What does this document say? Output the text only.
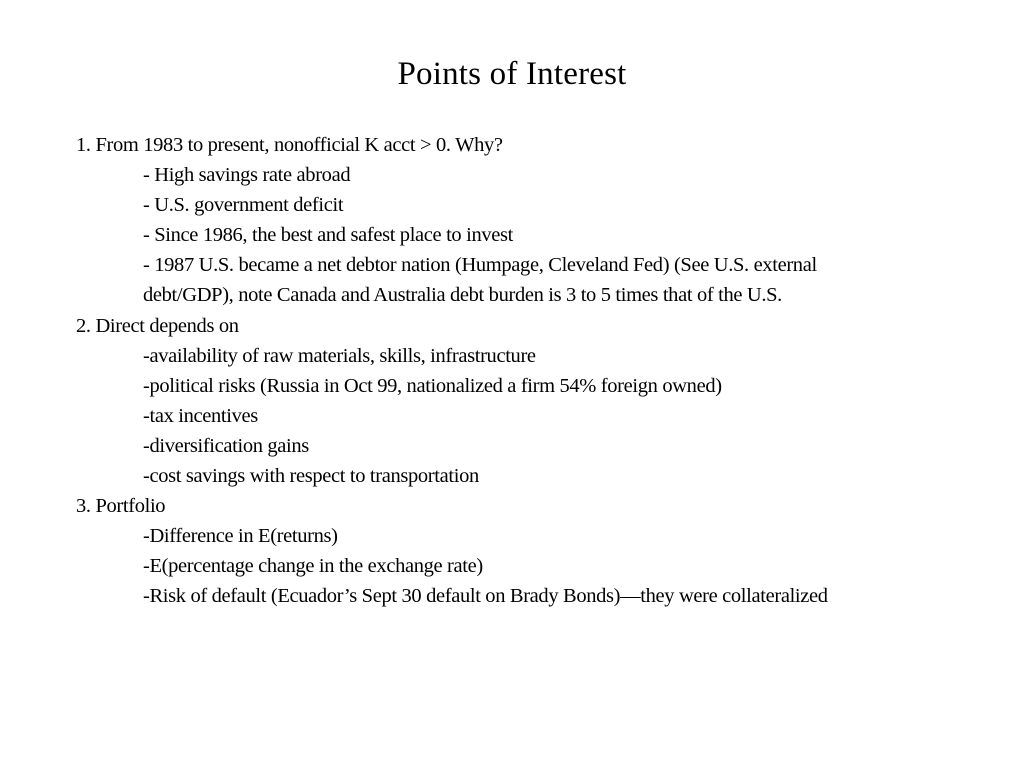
Points of Interest
1. From 1983 to present, nonofficial K acct > 0. Why?
- High savings rate abroad
- U.S. government deficit
- Since 1986, the best and safest place to invest
- 1987 U.S. became a net debtor nation (Humpage, Cleveland Fed) (See U.S. external
debt/GDP), note Canada and Australia debt burden is 3 to 5 times that of the U.S.
2. Direct depends on
-availability of raw materials, skills, infrastructure
-political risks (Russia in Oct 99, nationalized a firm 54% foreign owned)
-tax incentives
-diversification gains
-cost savings with respect to transportation
3. Portfolio
-Difference in E(returns)
-E(percentage change in the exchange rate)
-Risk of default (Ecuador’s Sept 30 default on Brady Bonds)—they were collateralized
